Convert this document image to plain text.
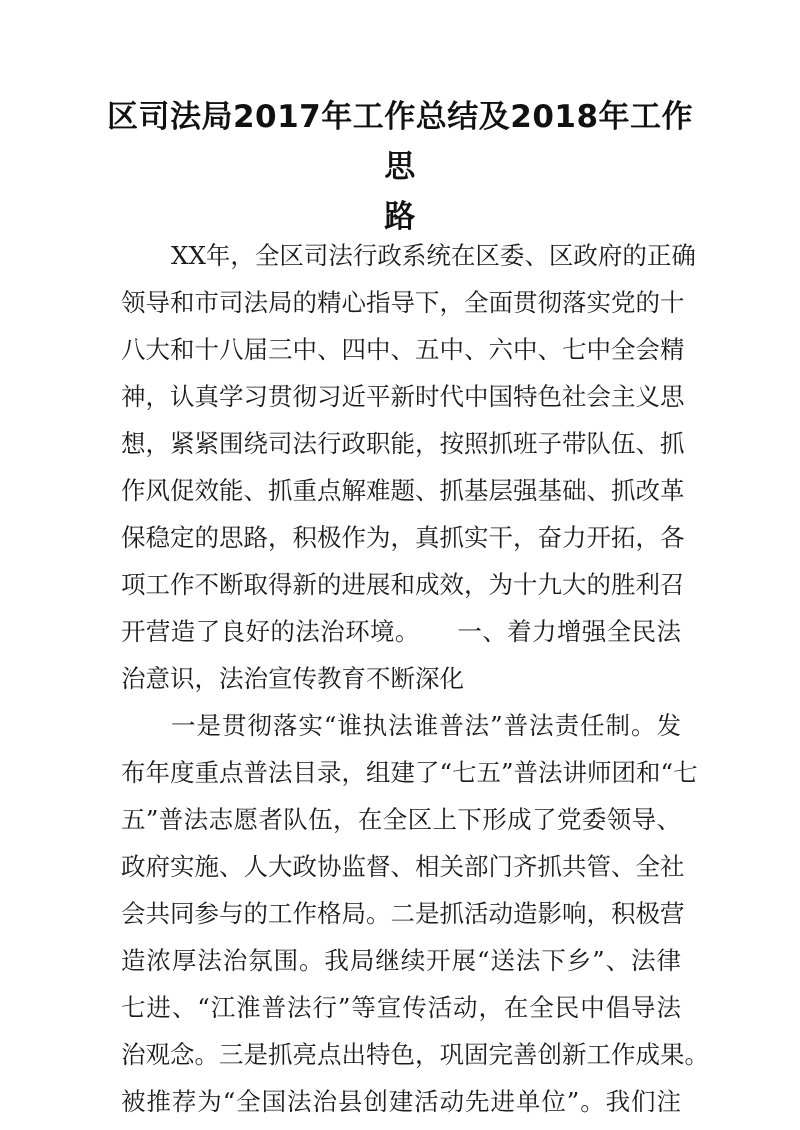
区司法局2017年工作总结及2018年工作思
路
XX年，全区司法行政系统在区委、区政府的正确
领导和市司法局的精心指导下，全面贯彻落实党的十
八大和十八届三中、四中、五中、六中、七中全会精
神，认真学习贯彻习近平新时代中国特色社会主义思
想，紧紧围绕司法行政职能，按照抓班子带队伍、抓
作风促效能、抓重点解难题、抓基层强基础、抓改革
保稳定的思路，积极作为，真抓实干，奋力开拓，各
项工作不断取得新的进展和成效，为十九大的胜利召
开营造了良好的法治环境。　　一、着力增强全民法
治意识，法治宣传教育不断深化
一是贯彻落实“谁执法谁普法”普法责任制。发
布年度重点普法目录，组建了“七五”普法讲师团和“七
五”普法志愿者队伍，在全区上下形成了党委领导、
政府实施、人大政协监督、相关部门齐抓共管、全社
会共同参与的工作格局。二是抓活动造影响，积极营
造浓厚法治氛围。我局继续开展“送法下乡”、法律
七进、“江淮普法行”等宣传活动，在全民中倡导法
治观念。三是抓亮点出特色，巩固完善创新工作成果。
被推荐为“全国法治县创建活动先进单位”。我们注
